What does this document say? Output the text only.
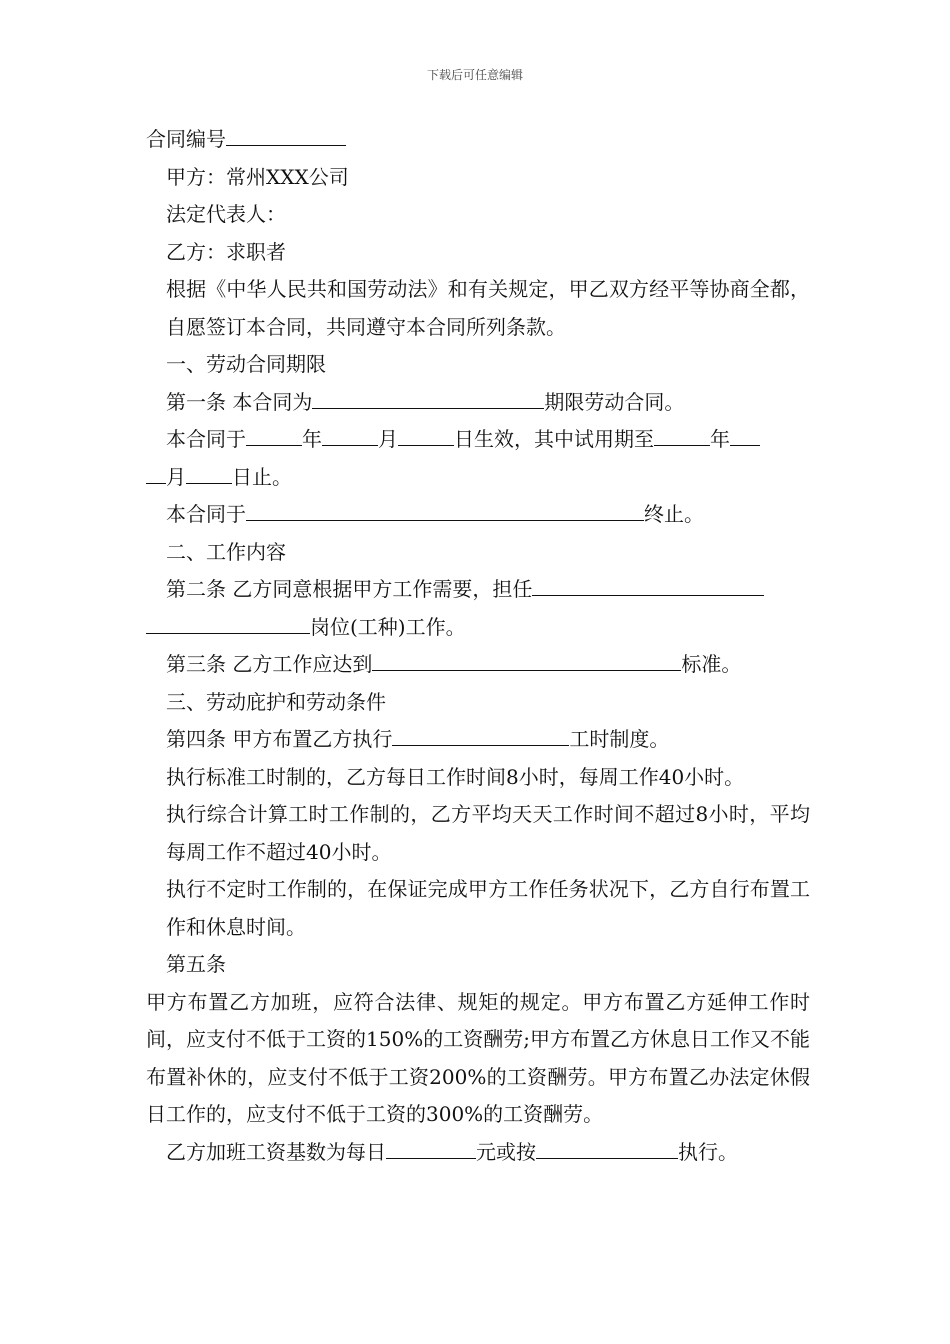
下载后可任意编辑

合同编号

甲方：常州XXX公司

法定代表人：

乙方：求职者

根据《中华人民共和国劳动法》和有关规定，甲乙双方经平等协商全都，自愿签订本合同，共同遵守本合同所列条款。

一、劳动合同期限

第一条 本合同为	期限劳动合同。

本合同于	年	月	日生效，其中试用期至	年

月 日止。

本合同于	终止。

二、工作内容

第二条 乙方同意根据甲方工作需要，担任

岗位(工种)工作。

第三条 乙方工作应达到	标准。

三、劳动庇护和劳动条件

第四条 甲方布置乙方执行	工时制度。

执行标准工时制的，乙方每日工作时间8小时，每周工作40小时。

执行综合计算工时工作制的，乙方平均天天工作时间不超过8小时，平均每周工作不超过40小时。

执行不定时工作制的，在保证完成甲方工作任务状况下，乙方自行布置工作和休息时间。

第五条

甲方布置乙方加班，应符合法律、规矩的规定。甲方布置乙方延伸工作时间，应支付不低于工资的150%的工资酬劳;甲方布置乙方休息日工作又不能布置补休的，应支付不低于工资200%的工资酬劳。甲方布置乙办法定休假日工作的，应支付不低于工资的300%的工资酬劳。

乙方加班工资基数为每日	元或按	执行。
